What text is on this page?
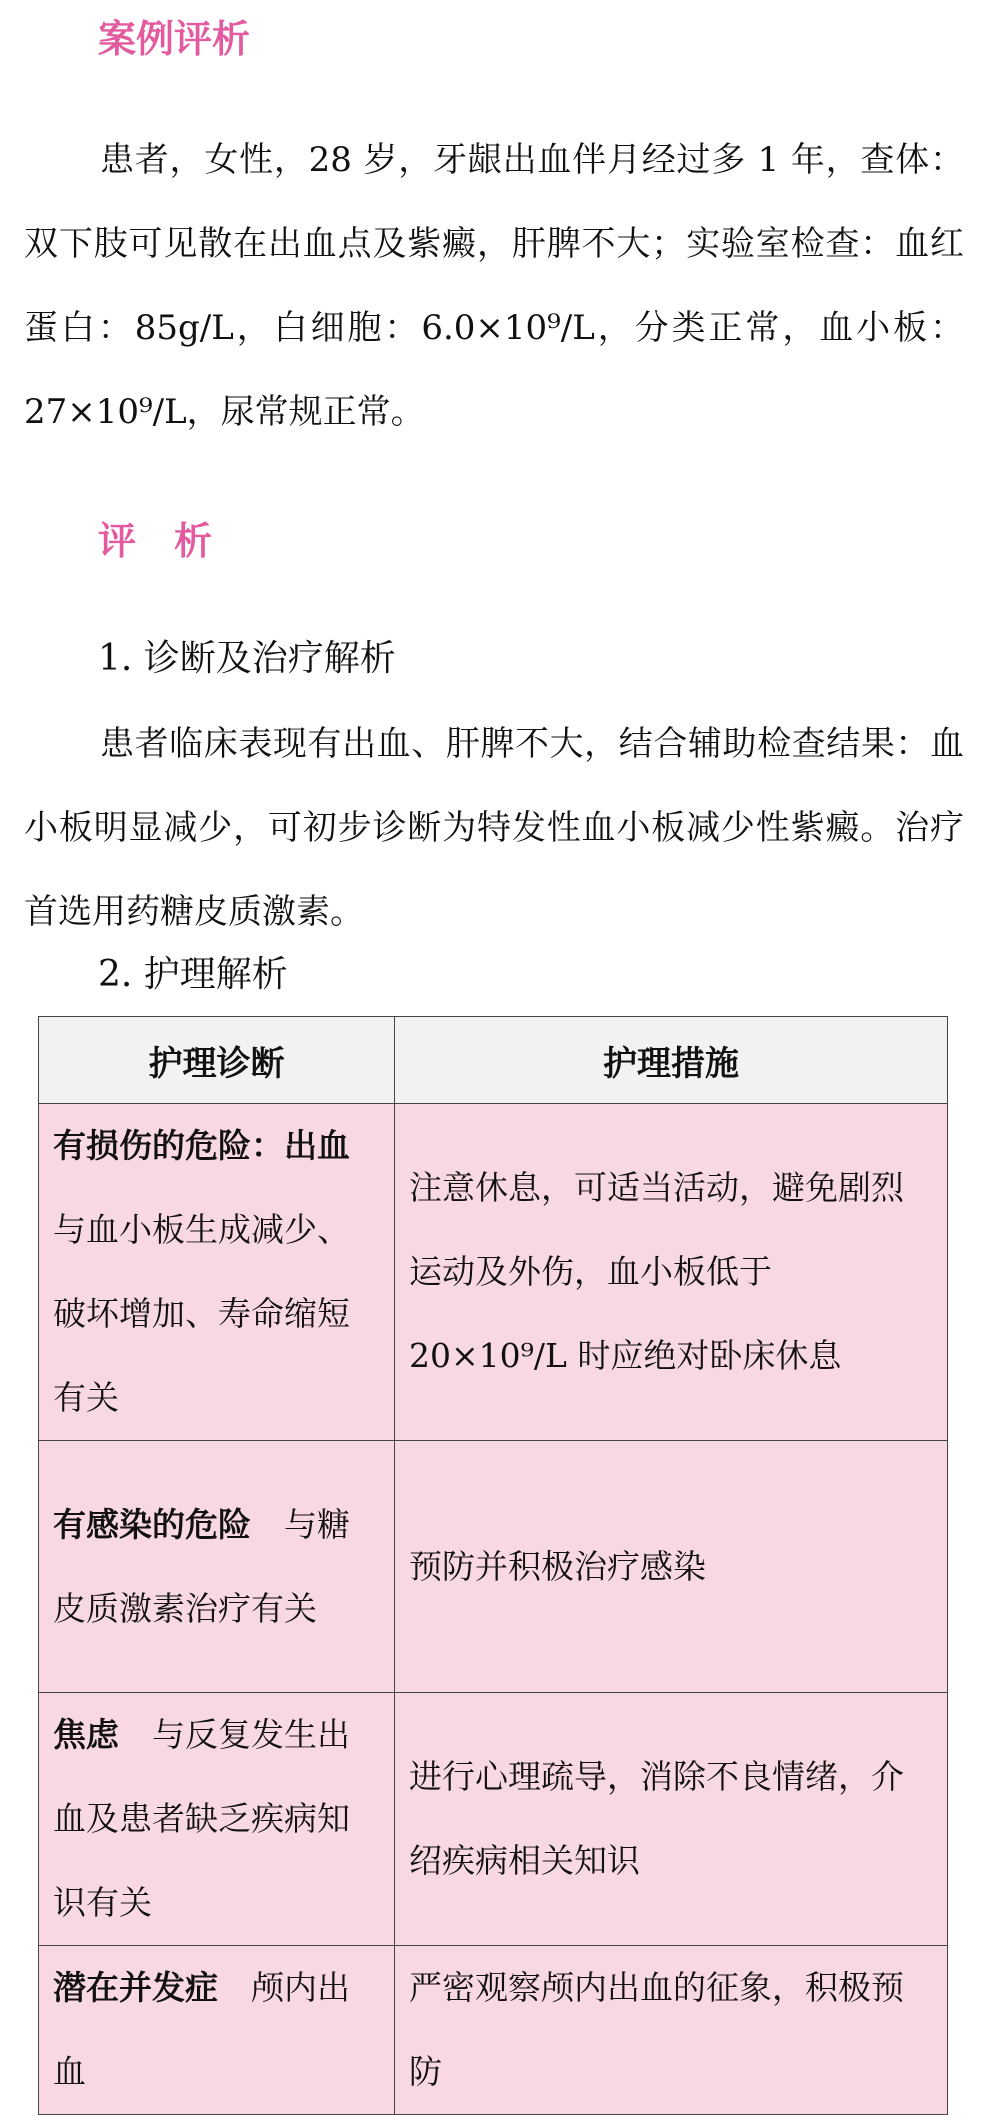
案例评析

患者，女性，28 岁，牙龈出血伴月经过多 1 年，查体：双下肢可见散在出血点及紫癜，肝脾不大；实验室检查：血红蛋白：85g/L，白细胞：6.0×10⁹/L，分类正常，血小板：27×10⁹/L，尿常规正常。

评　析
1. 诊断及治疗解析

患者临床表现有出血、肝脾不大，结合辅助检查结果：血小板明显减少，可初步诊断为特发性血小板减少性紫癜。治疗首选用药糖皮质激素。

2. 护理解析
护理诊断	护理措施
有损伤的危险：出血与血小板生成减少、破坏增加、寿命缩短有关	注意休息，可适当活动，避免剧烈运动及外伤，血小板低于 20×10⁹/L 时应绝对卧床休息
有感染的危险　与糖皮质激素治疗有关	预防并积极治疗感染
焦虑　与反复发生出血及患者缺乏疾病知识有关	进行心理疏导，消除不良情绪，介绍疾病相关知识
潜在并发症　颅内出血	严密观察颅内出血的征象，积极预防
